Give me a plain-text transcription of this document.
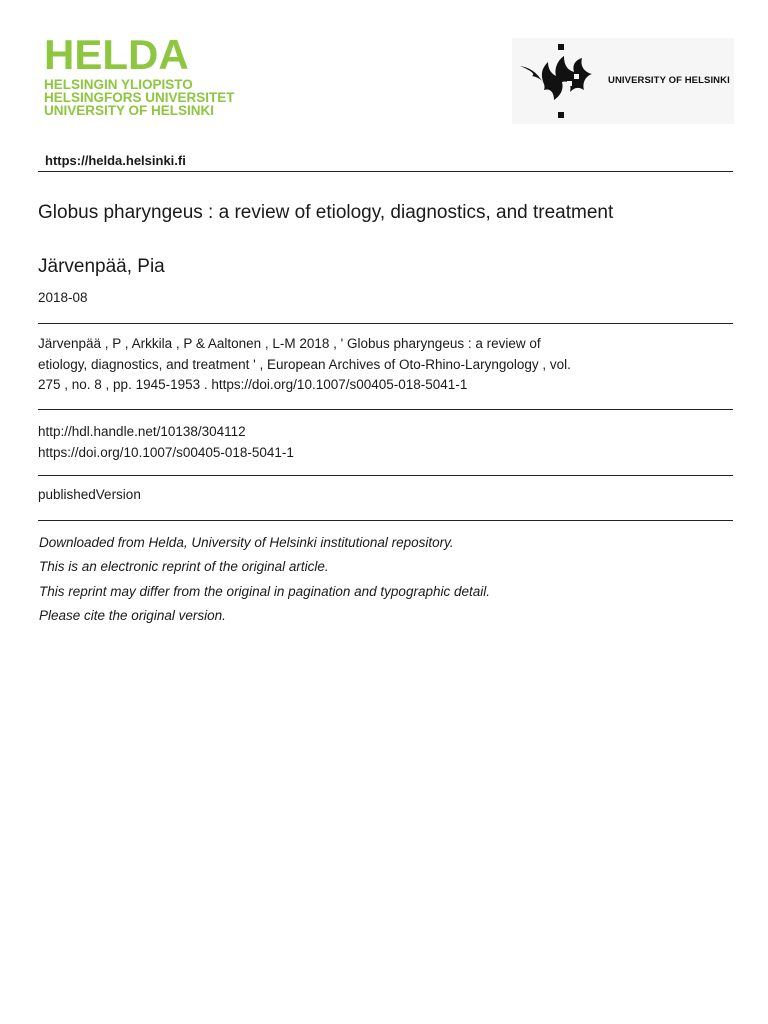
HELDA
HELSINGIN YLIOPISTO
HELSINGFORS UNIVERSITET
UNIVERSITY OF HELSINKI
UNIVERSITY OF HELSINKI
https://helda.helsinki.fi
Globus pharyngeus : a review of etiology, diagnostics, and treatment
Järvenpää, Pia
2018-08
Järvenpää , P , Arkkila , P & Aaltonen , L-M 2018 , ' Globus pharyngeus : a review of
etiology, diagnostics, and treatment ' , European Archives of Oto-Rhino-Laryngology , vol.
275 , no. 8 , pp. 1945-1953 . https://doi.org/10.1007/s00405-018-5041-1
http://hdl.handle.net/10138/304112
https://doi.org/10.1007/s00405-018-5041-1
publishedVersion
Downloaded from Helda, University of Helsinki institutional repository.
This is an electronic reprint of the original article.
This reprint may differ from the original in pagination and typographic detail.
Please cite the original version.
